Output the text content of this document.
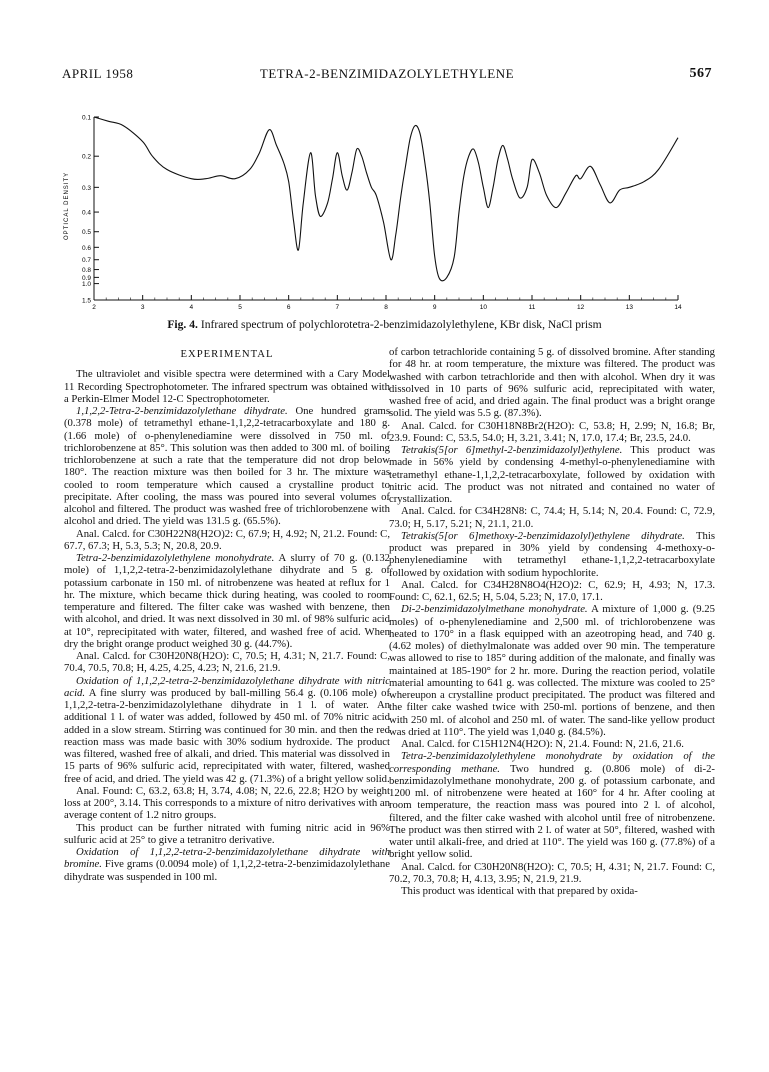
APRIL 1958	TETRA-2-BENZIMIDAZOLYLETHYLENE	567
0.1
0.2
0.3
0.4
0.5
0.6
0.7
0.8
0.9
1.0
1.5
2	3	4	5	6	7	8	9	10	11	12	13	14
OPTICAL DENSITY
Fig. 4. Infrared spectrum of polychlorotetra-2-benzimidazolylethylene, KBr disk, NaCl prism
EXPERIMENTAL

The ultraviolet and visible spectra were determined with a Cary Model 11 Recording Spectrophotometer. The infrared spectrum was obtained with a Perkin-Elmer Model 12-C Spectrophotometer.

1,1,2,2-Tetra-2-benzimidazolylethane dihydrate. One hundred grams (0.378 mole) of tetramethyl ethane-1,1,2,2-tetracarboxylate and 180 g. (1.66 mole) of o-phenylenediamine were dissolved in 750 ml. of trichlorobenzene at 85°. This solution was then added to 300 ml. of boiling trichlorobenzene at such a rate that the temperature did not drop below 180°. The reaction mixture was then boiled for 3 hr. The mixture was cooled to room temperature which caused a crystalline product to precipitate. After cooling, the mass was poured into several volumes of alcohol and filtered. The product was washed free of trichlorobenzene with alcohol and dried. The yield was 131.5 g. (65.5%).

Anal. Calcd. for C30H22N8(H2O)2: C, 67.9; H, 4.92; N, 21.2. Found: C, 67.7, 67.3; H, 5.3, 5.3; N, 20.8, 20.9.

Tetra-2-benzimidazolylethylene monohydrate. A slurry of 70 g. (0.132 mole) of 1,1,2,2-tetra-2-benzimidazolylethane dihydrate and 5 g. of potassium carbonate in 150 ml. of nitrobenzene was heated at reflux for 1 hr. The mixture, which became thick during heating, was cooled to room temperature and filtered. The filter cake was washed with benzene, then with alcohol, and dried. It was next dissolved in 30 ml. of 98% sulfuric acid at 10°, reprecipitated with water, filtered, and washed free of acid. When dry the bright orange product weighed 30 g. (44.7%).

Anal. Calcd. for C30H20N8(H2O): C, 70.5; H, 4.31; N, 21.7. Found: C, 70.4, 70.5, 70.8; H, 4.25, 4.25, 4.23; N, 21.6, 21.9.

Oxidation of 1,1,2,2-tetra-2-benzimidazolylethane dihydrate with nitric acid. A fine slurry was produced by ball-milling 56.4 g. (0.106 mole) of 1,1,2,2-tetra-2-benzimidazolylethane dihydrate in 1 l. of water. An additional 1 l. of water was added, followed by 450 ml. of 70% nitric acid added in a slow stream. Stirring was continued for 30 min. and then the red reaction mass was made basic with 30% sodium hydroxide. The product was filtered, washed free of alkali, and dried. This material was dissolved in 15 parts of 96% sulfuric acid, reprecipitated with water, filtered, washed free of acid, and dried. The yield was 42 g. (71.3%) of a bright yellow solid.

Anal. Found: C, 63.2, 63.8; H, 3.74, 4.08; N, 22.6, 22.8; H2O by weight loss at 200°, 3.14. This corresponds to a mixture of nitro derivatives with an average content of 1.2 nitro groups.

This product can be further nitrated with fuming nitric acid in 96% sulfuric acid at 25° to give a tetranitro derivative.

Oxidation of 1,1,2,2-tetra-2-benzimidazolylethane dihydrate with bromine. Five grams (0.0094 mole) of 1,1,2,2-tetra-2-benzimidazolylethane dihydrate was suspended in 100 ml.

of carbon tetrachloride containing 5 g. of dissolved bromine. After standing for 48 hr. at room temperature, the mixture was filtered. The product was washed with carbon tetrachloride and then with alcohol. When dry it was dissolved in 10 parts of 96% sulfuric acid, reprecipitated with water, washed free of acid, and dried again. The final product was a bright orange solid. The yield was 5.5 g. (87.3%).

Anal. Calcd. for C30H18N8Br2(H2O): C, 53.8; H, 2.99; N, 16.8; Br, 23.9. Found: C, 53.5, 54.0; H, 3.21, 3.41; N, 17.0, 17.4; Br, 23.5, 24.0.

Tetrakis(5[or 6]methyl-2-benzimidazolyl)ethylene. This product was made in 56% yield by condensing 4-methyl-o-phenylenediamine with tetramethyl ethane-1,1,2,2-tetracarboxylate, followed by oxidation with nitric acid. The product was not nitrated and contained no water of crystallization.

Anal. Calcd. for C34H28N8: C, 74.4; H, 5.14; N, 20.4. Found: C, 72.9, 73.0; H, 5.17, 5.21; N, 21.1, 21.0.

Tetrakis(5[or 6]methoxy-2-benzimidazolyl)ethylene dihydrate. This product was prepared in 30% yield by condensing 4-methoxy-o-phenylenediamine with tetramethyl ethane-1,1,2,2-tetracarboxylate followed by oxidation with sodium hypochlorite.

Anal. Calcd. for C34H28N8O4(H2O)2: C, 62.9; H, 4.93; N, 17.3. Found: C, 62.1, 62.5; H, 5.04, 5.23; N, 17.0, 17.1.

Di-2-benzimidazolylmethane monohydrate. A mixture of 1,000 g. (9.25 moles) of o-phenylenediamine and 2,500 ml. of trichlorobenzene was heated to 170° in a flask equipped with an azeotroping head, and 740 g. (4.62 moles) of diethylmalonate was added over 90 min. The temperature was allowed to rise to 185° during addition of the malonate, and finally was maintained at 185-190° for 2 hr. more. During the reaction period, volatile material amounting to 641 g. was collected. The mixture was cooled to 25° whereupon a crystalline product precipitated. The product was filtered and the filter cake washed twice with 250-ml. portions of benzene, and then with 250 ml. of alcohol and 250 ml. of water. The sand-like yellow product was dried at 110°. The yield was 1,040 g. (84.5%).

Anal. Calcd. for C15H12N4(H2O): N, 21.4. Found: N, 21.6, 21.6.

Tetra-2-benzimidazolylethylene monohydrate by oxidation of the corresponding methane. Two hundred g. (0.806 mole) of di-2-benzimidazolylmethane monohydrate, 200 g. of potassium carbonate, and 1200 ml. of nitrobenzene were heated at 160° for 4 hr. After cooling at room temperature, the reaction mass was poured into 2 l. of alcohol, filtered, and the filter cake washed with alcohol until free of nitrobenzene. The product was then stirred with 2 l. of water at 50°, filtered, washed with water until alkali-free, and dried at 110°. The yield was 160 g. (77.8%) of a bright yellow solid.

Anal. Calcd. for C30H20N8(H2O): C, 70.5; H, 4.31; N, 21.7. Found: C, 70.2, 70.3, 70.8; H, 4.13, 3.95; N, 21.9, 21.9.

This product was identical with that prepared by oxida-
